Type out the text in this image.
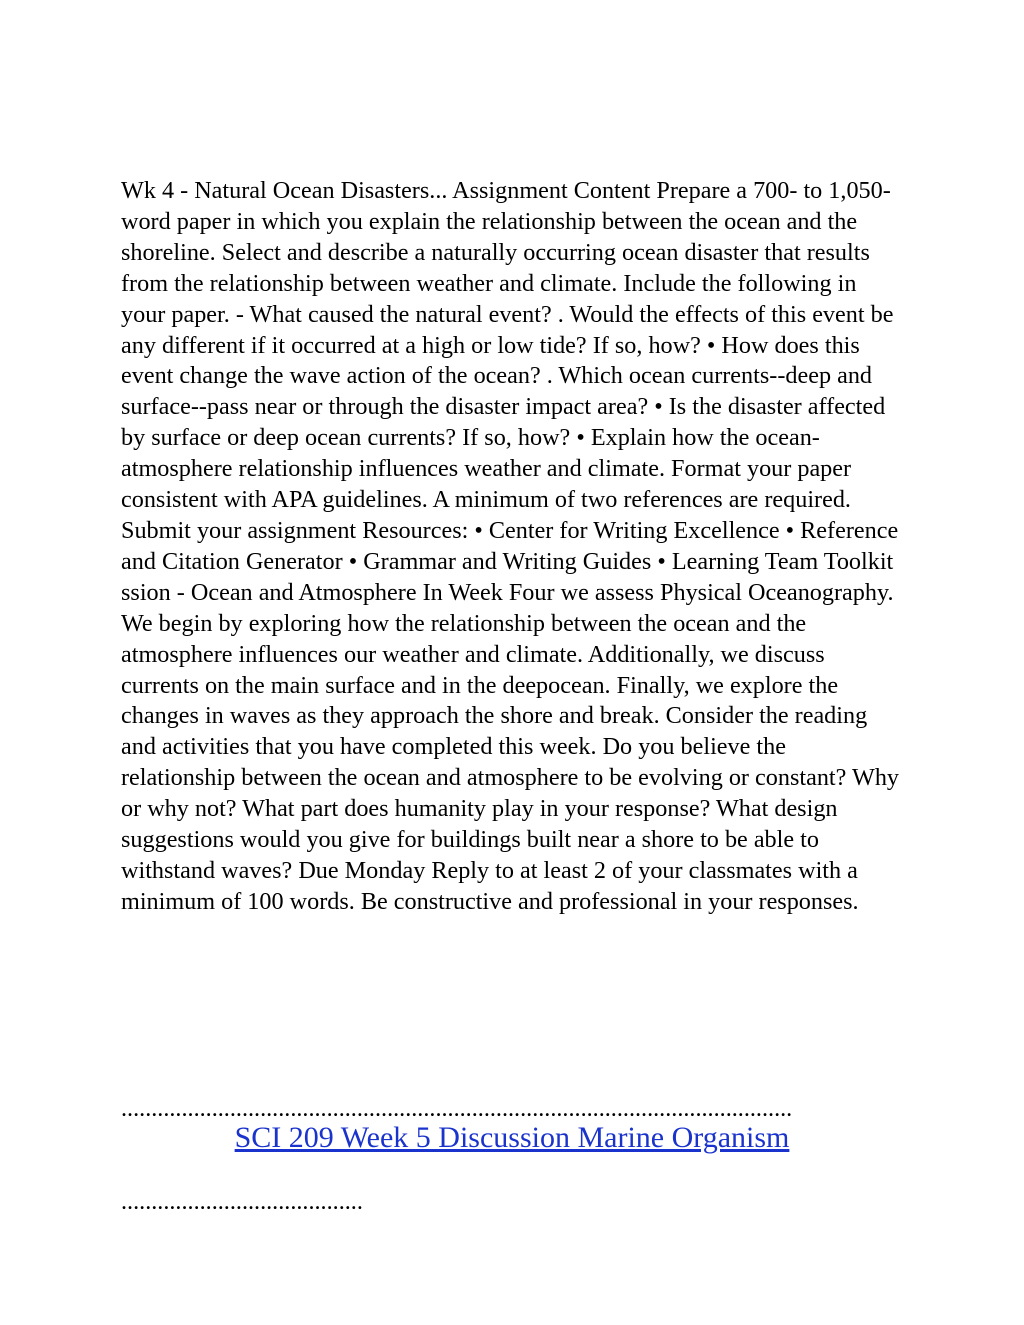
Wk 4 - Natural Ocean Disasters... Assignment Content Prepare a 700- to 1,050-word paper in which you explain the relationship between the ocean and the shoreline. Select and describe a naturally occurring ocean disaster that results from the relationship between weather and climate. Include the following in your paper. - What caused the natural event? . Would the effects of this event be any different if it occurred at a high or low tide? If so, how? • How does this event change the wave action of the ocean? . Which ocean currents--deep and surface--pass near or through the disaster impact area? • Is the disaster affected by surface or deep ocean currents? If so, how? • Explain how the ocean-atmosphere relationship influences weather and climate. Format your paper consistent with APA guidelines. A minimum of two references are required. Submit your assignment Resources: • Center for Writing Excellence • Reference and Citation Generator • Grammar and Writing Guides • Learning Team Toolkit ssion - Ocean and Atmosphere In Week Four we assess Physical Oceanography. We begin by exploring how the relationship between the ocean and the atmosphere influences our weather and climate. Additionally, we discuss currents on the main surface and in the deepocean. Finally, we explore the changes in waves as they approach the shore and break. Consider the reading and activities that you have completed this week. Do you believe the relationship between the ocean and atmosphere to be evolving or constant? Why or why not? What part does humanity play in your response? What design suggestions would you give for buildings built near a shore to be able to withstand waves? Due Monday Reply to at least 2 of your classmates with a minimum of 100 words. Be constructive and professional in your responses.

...............................................................................................................

........................................

SCI 209 Week 5 Discussion Marine Organism
